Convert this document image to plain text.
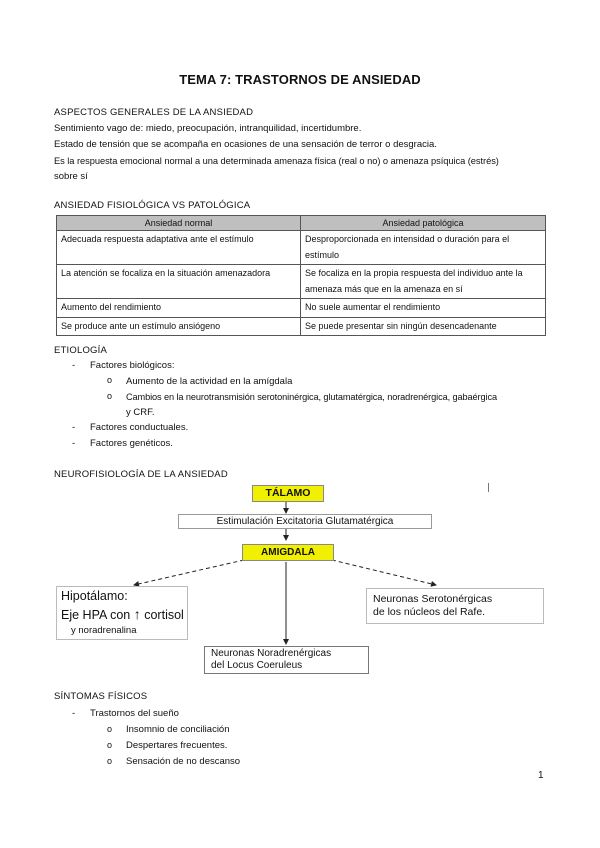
TEMA 7: TRASTORNOS DE ANSIEDAD
ASPECTOS GENERALES DE LA ANSIEDAD
Sentimiento vago de: miedo, preocupación, intranquilidad, incertidumbre.
Estado de tensión que se acompaña en ocasiones de una sensación de terror o desgracia.
Es la respuesta emocional normal a una determinada amenaza física (real o no) o amenaza psíquica (estrés)
sobre sí
ANSIEDAD FISIOLÓGICA VS PATOLÓGICA
Ansiedad normal	Ansiedad patológica
Adecuada respuesta adaptativa ante el estímulo	Desproporcionada en intensidad o duración para el estímulo
La atención se focaliza en la situación amenazadora	Se focaliza en la propia respuesta del individuo ante la amenaza más que en la amenaza en sí
Aumento del rendimiento	No suele aumentar el rendimiento
Se produce ante un estímulo ansiógeno	Se puede presentar sin ningún desencadenante
ETIOLOGÍA
- Factores biológicos:
o Aumento de la actividad en la amígdala
o Cambios en la neurotransmisión serotoninérgica, glutamatérgica, noradrenérgica, gabaérgica
y CRF.
- Factores conductuales.
- Factores genéticos.
NEUROFISIOLOGÍA DE LA ANSIEDAD
TÁLAMO
Estimulación Excitatoria Glutamatérgica
AMIGDALA
Hipotálamo:
Eje HPA con ↑ cortisol
y noradrenalina
Neuronas Serotonérgicas
de los núcleos del Rafe.
Neuronas Noradrenérgicas
del Locus Coeruleus
SÍNTOMAS FÍSICOS
- Trastornos del sueño
o Insomnio de conciliación
o Despertares frecuentes.
o Sensación de no descanso
1
